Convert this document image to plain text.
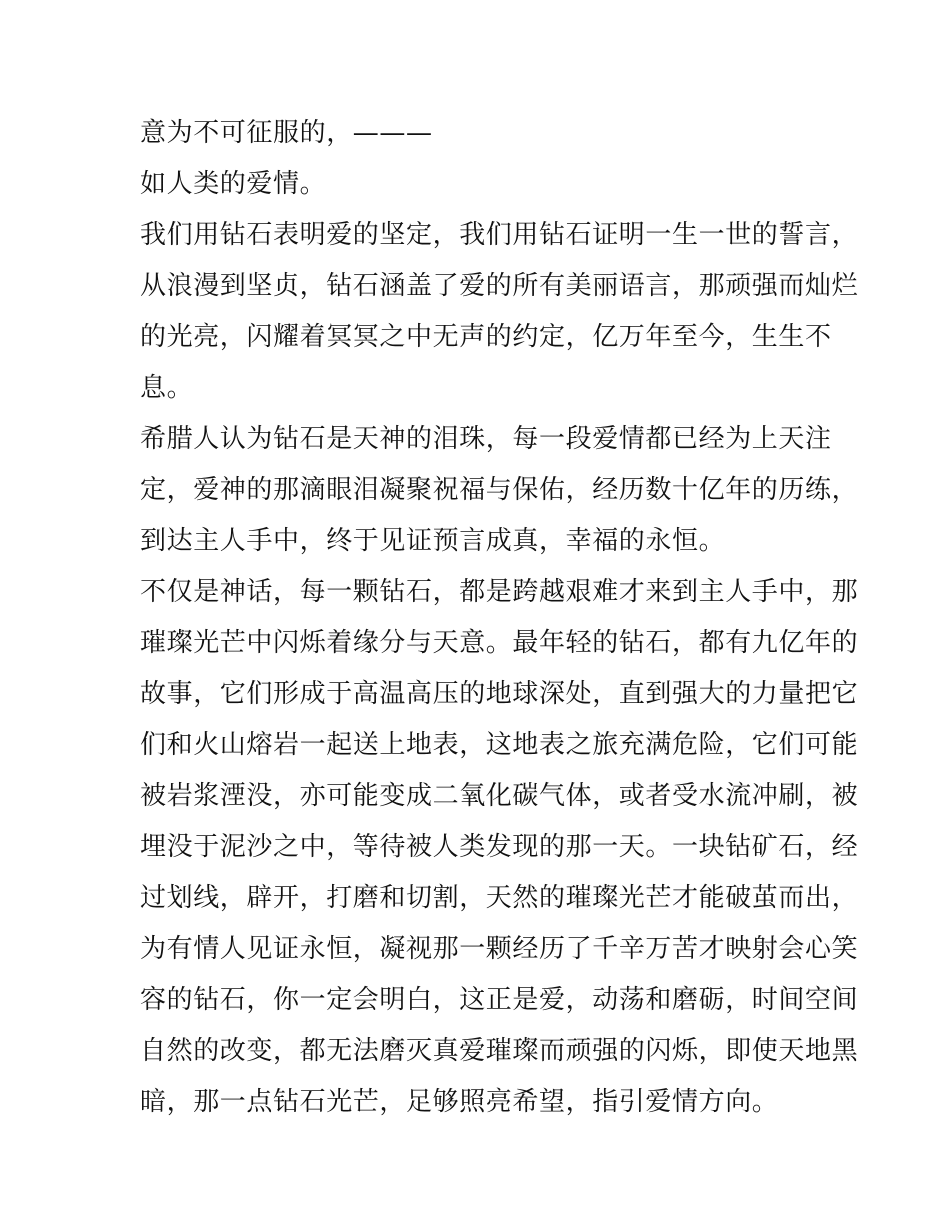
意为不可征服的，———
如人类的爱情。
我们用钻石表明爱的坚定，我们用钻石证明一生一世的誓言，
从浪漫到坚贞，钻石涵盖了爱的所有美丽语言，那顽强而灿烂
的光亮，闪耀着冥冥之中无声的约定，亿万年至今，生生不
息。
希腊人认为钻石是天神的泪珠，每一段爱情都已经为上天注
定，爱神的那滴眼泪凝聚祝福与保佑，经历数十亿年的历练，
到达主人手中，终于见证预言成真，幸福的永恒。
不仅是神话，每一颗钻石，都是跨越艰难才来到主人手中，那
璀璨光芒中闪烁着缘分与天意。最年轻的钻石，都有九亿年的
故事，它们形成于高温高压的地球深处，直到强大的力量把它
们和火山熔岩一起送上地表，这地表之旅充满危险，它们可能
被岩浆湮没，亦可能变成二氧化碳气体，或者受水流冲刷，被
埋没于泥沙之中，等待被人类发现的那一天。一块钻矿石，经
过划线，辟开，打磨和切割，天然的璀璨光芒才能破茧而出，
为有情人见证永恒，凝视那一颗经历了千辛万苦才映射会心笑
容的钻石，你一定会明白，这正是爱，动荡和磨砺，时间空间
自然的改变，都无法磨灭真爱璀璨而顽强的闪烁，即使天地黑
暗，那一点钻石光芒，足够照亮希望，指引爱情方向。
